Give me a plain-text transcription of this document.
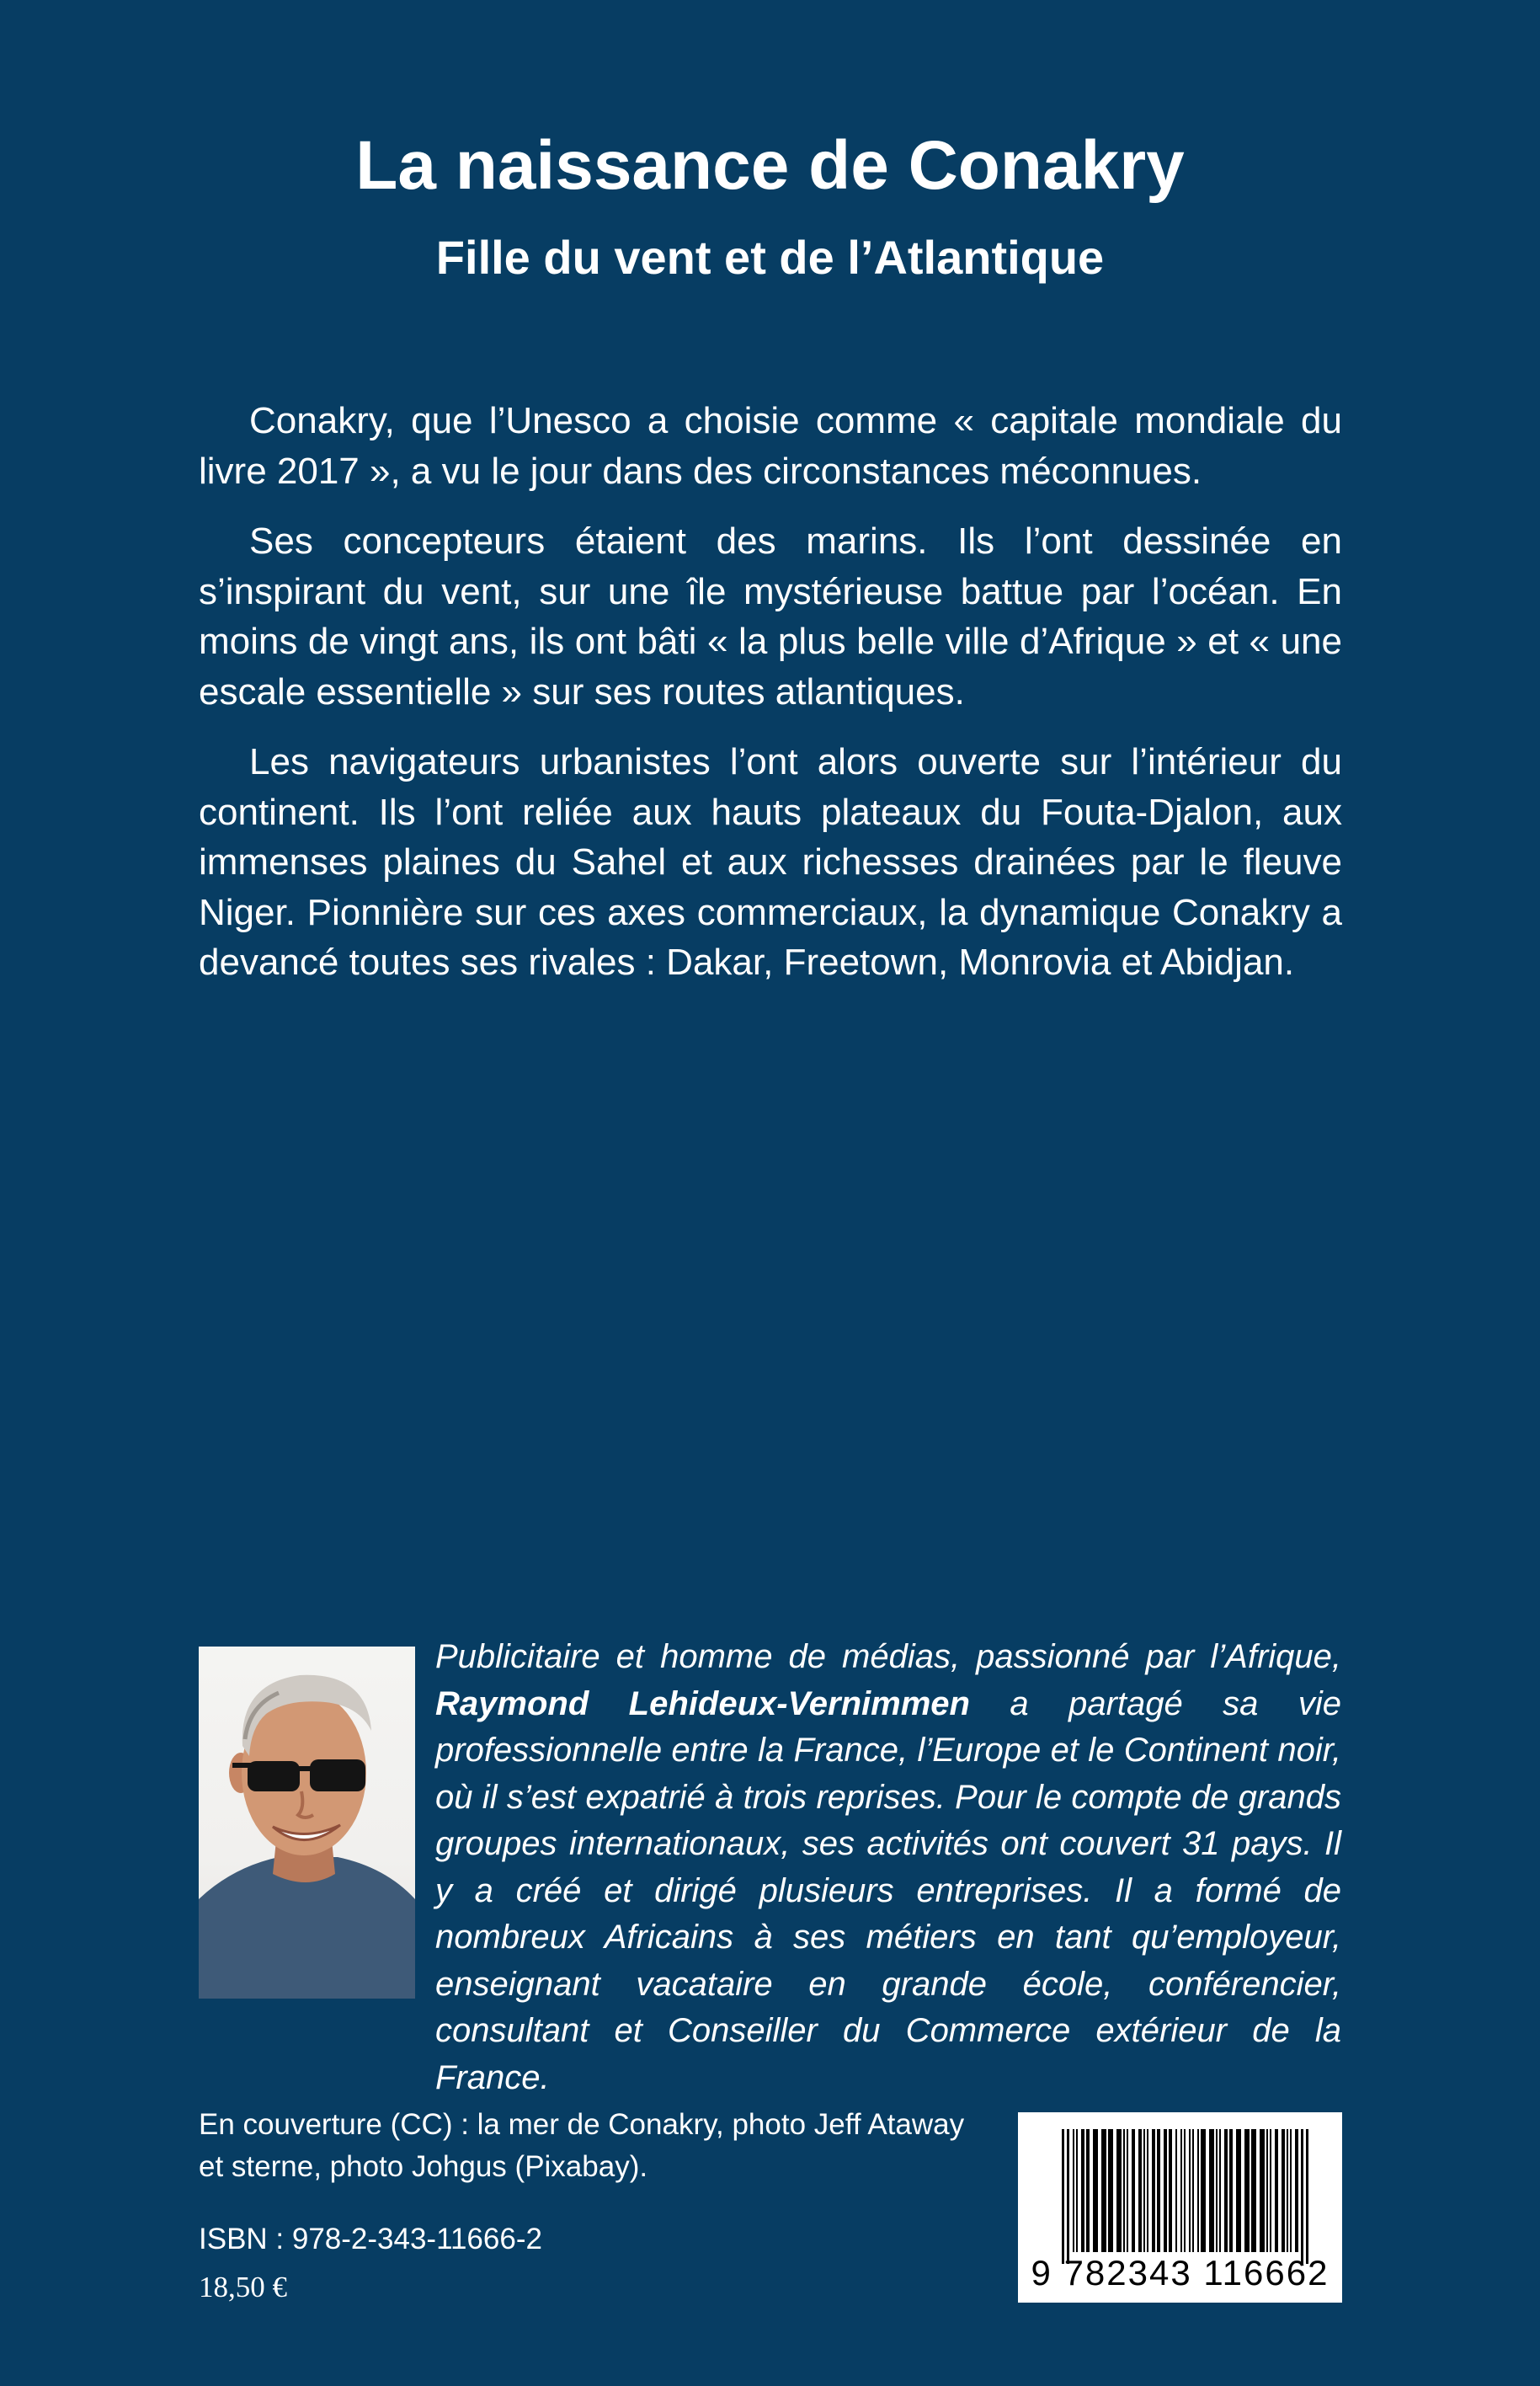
La naissance de Conakry
Fille du vent et de l’Atlantique

Conakry, que l’Unesco a choisie comme « capitale mondiale du livre 2017 », a vu le jour dans des circonstances méconnues.

Ses concepteurs étaient des marins. Ils l’ont dessinée en s’inspirant du vent, sur une île mystérieuse battue par l’océan. En moins de vingt ans, ils ont bâti « la plus belle ville d’Afrique » et « une escale essentielle » sur ses routes atlantiques.

Les navigateurs urbanistes l’ont alors ouverte sur l’intérieur du continent. Ils l’ont reliée aux hauts plateaux du Fouta-Djalon, aux immenses plaines du Sahel et aux richesses drainées par le fleuve Niger. Pionnière sur ces axes commerciaux, la dynamique Conakry a devancé toutes ses rivales : Dakar, Freetown, Monrovia et Abidjan.

Publicitaire et homme de médias, passionné par l’Afrique, Raymond Lehideux-Vernimmen a partagé sa vie professionnelle entre la France, l’Europe et le Continent noir, où il s’est expatrié à trois reprises. Pour le compte de grands groupes internationaux, ses activités ont couvert 31 pays. Il y a créé et dirigé plusieurs entreprises. Il a formé de nombreux Africains à ses métiers en tant qu’employeur, enseignant vacataire en grande école, conférencier, consultant et Conseiller du Commerce extérieur de la France.

En couverture (CC) : la mer de Conakry, photo Jeff Ataway
et sterne, photo Johgus (Pixabay).

ISBN : 978-2-343-11666-2

18,50 €	9 782343 116662
